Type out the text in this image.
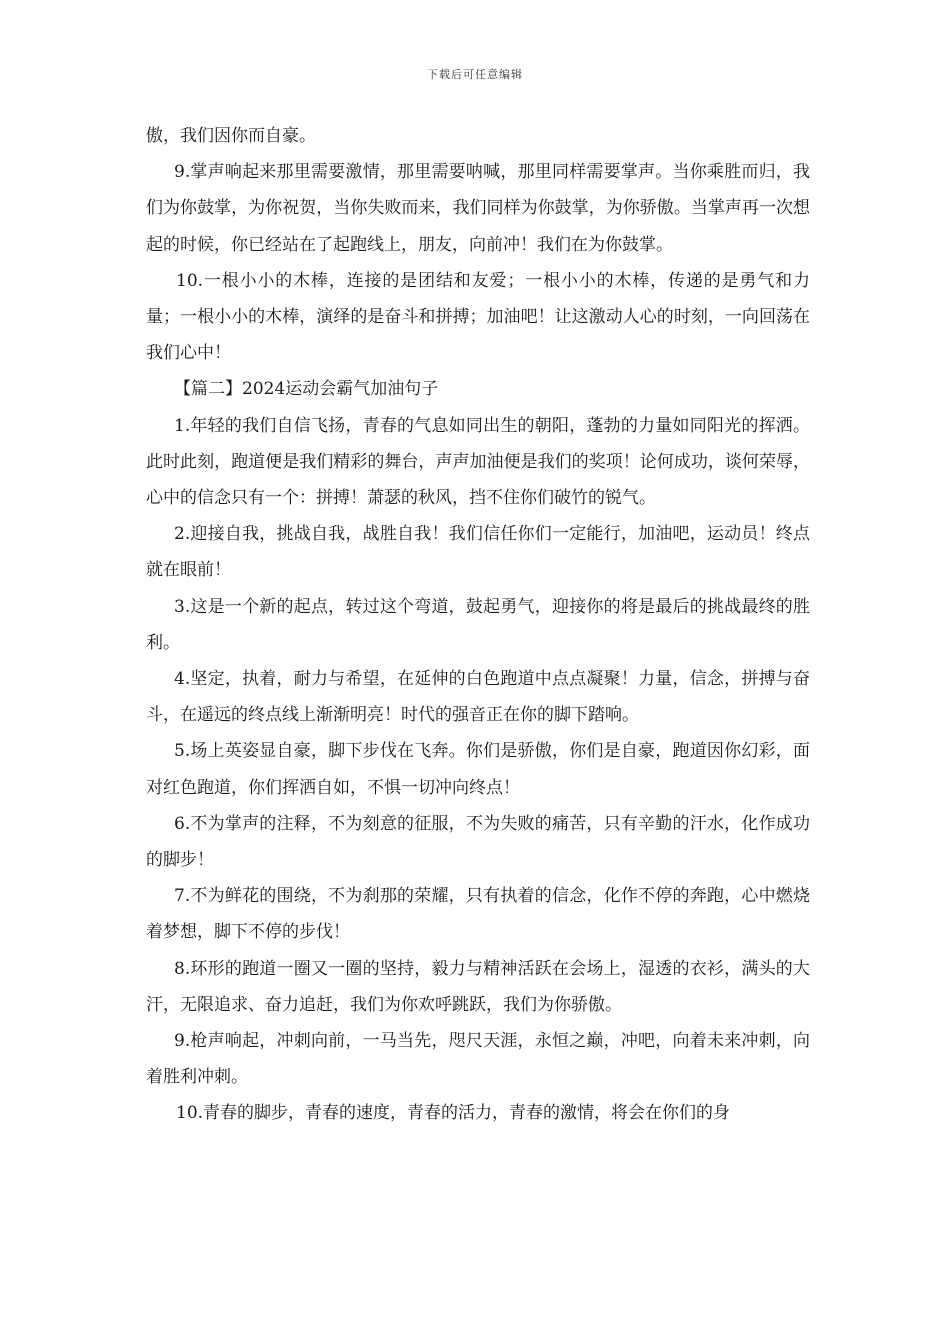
下载后可任意编辑

傲，我们因你而自豪。

9.掌声响起来那里需要激情，那里需要呐喊，那里同样需要掌声。当你乘胜而归，我们为你鼓掌，为你祝贺，当你失败而来，我们同样为你鼓掌，为你骄傲。当掌声再一次想起的时候，你已经站在了起跑线上，朋友，向前冲！我们在为你鼓掌。

10.一根小小的木棒，连接的是团结和友爱；一根小小的木棒，传递的是勇气和力量；一根小小的木棒，演绎的是奋斗和拼搏；加油吧！让这激动人心的时刻，一向回荡在我们心中！

【篇二】2024运动会霸气加油句子

1.年轻的我们自信飞扬，青春的气息如同出生的朝阳，蓬勃的力量如同阳光的挥洒。此时此刻，跑道便是我们精彩的舞台，声声加油便是我们的奖项！论何成功，谈何荣辱，心中的信念只有一个：拼搏！萧瑟的秋风，挡不住你们破竹的锐气。

2.迎接自我，挑战自我，战胜自我！我们信任你们一定能行，加油吧，运动员！终点就在眼前！

3.这是一个新的起点，转过这个弯道，鼓起勇气，迎接你的将是最后的挑战最终的胜利。

4.坚定，执着，耐力与希望，在延伸的白色跑道中点点凝聚！力量，信念，拼搏与奋斗，在遥远的终点线上渐渐明亮！时代的强音正在你的脚下踏响。

5.场上英姿显自豪，脚下步伐在飞奔。你们是骄傲，你们是自豪，跑道因你幻彩，面对红色跑道，你们挥洒自如，不惧一切冲向终点！

6.不为掌声的注释，不为刻意的征服，不为失败的痛苦，只有辛勤的汗水，化作成功的脚步！

7.不为鲜花的围绕，不为刹那的荣耀，只有执着的信念，化作不停的奔跑，心中燃烧着梦想，脚下不停的步伐！

8.环形的跑道一圈又一圈的坚持，毅力与精神活跃在会场上，湿透的衣衫，满头的大汗，无限追求、奋力追赶，我们为你欢呼跳跃，我们为你骄傲。

9.枪声响起，冲刺向前，一马当先，咫尺天涯，永恒之巅，冲吧，向着未来冲刺，向着胜利冲刺。

10.青春的脚步，青春的速度，青春的活力，青春的激情，将会在你们的身
